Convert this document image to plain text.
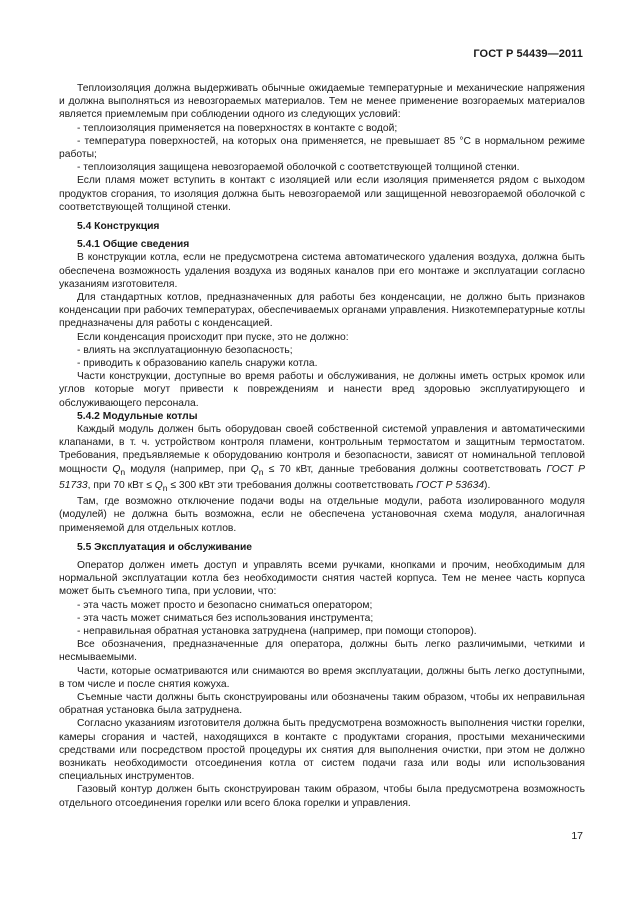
ГОСТ Р 54439—2011

Теплоизоляция должна выдерживать обычные ожидаемые температурные и механические напряжения и должна выполняться из невозгораемых материалов. Тем не менее применение возгораемых материалов является приемлемым при соблюдении одного из следующих условий:

- теплоизоляция применяется на поверхностях в контакте с водой;

- температура поверхностей, на которых она применяется, не превышает 85 °С в нормальном режиме работы;

- теплоизоляция защищена невозгораемой оболочкой с соответствующей толщиной стенки.

Если пламя может вступить в контакт с изоляцией или если изоляция применяется рядом с выходом продуктов сгорания, то изоляция должна быть невозгораемой или защищенной невозгораемой оболочкой с соответствующей толщиной стенки.

5.4 Конструкция

5.4.1 Общие сведения

В конструкции котла, если не предусмотрена система автоматического удаления воздуха, должна быть обеспечена возможность удаления воздуха из водяных каналов при его монтаже и эксплуатации согласно указаниям изготовителя.

Для стандартных котлов, предназначенных для работы без конденсации, не должно быть признаков конденсации при рабочих температурах, обеспечиваемых органами управления. Низкотемпературные котлы предназначены для работы с конденсацией.

Если конденсация происходит при пуске, это не должно:

- влиять на эксплуатационную безопасность;

- приводить к образованию капель снаружи котла.

Части конструкции, доступные во время работы и обслуживания, не должны иметь острых кромок или углов которые могут привести к повреждениям и нанести вред здоровью эксплуатирующего и обслуживающего персонала.

5.4.2 Модульные котлы

Каждый модуль должен быть оборудован своей собственной системой управления и автоматическими клапанами, в т. ч. устройством контроля пламени, контрольным термостатом и защитным термостатом. Требования, предъявляемые к оборудованию контроля и безопасности, зависят от номинальной тепловой мощности $Q_n$ модуля (например, при $Q_n \le 70$ кВт, данные требования должны соответствовать ГОСТ Р 51733, при 70 кВт ≤ $Q_n \le 300$ кВт эти требования должны соответствовать ГОСТ Р 53634).

Там, где возможно отключение подачи воды на отдельные модули, работа изолированного модуля (модулей) не должна быть возможна, если не обеспечена установочная схема модуля, аналогичная применяемой для отдельных котлов.

5.5 Эксплуатация и обслуживание

Оператор должен иметь доступ и управлять всеми ручками, кнопками и прочим, необходимым для нормальной эксплуатации котла без необходимости снятия частей корпуса. Тем не менее часть корпуса может быть съемного типа, при условии, что:

- эта часть может просто и безопасно сниматься оператором;

- эта часть может сниматься без использования инструмента;

- неправильная обратная установка затруднена (например, при помощи стопоров).

Все обозначения, предназначенные для оператора, должны быть легко различимыми, четкими и несмываемыми.

Части, которые осматриваются или снимаются во время эксплуатации, должны быть легко доступными, в том числе и после снятия кожуха.

Съемные части должны быть сконструированы или обозначены таким образом, чтобы их неправильная обратная установка была затруднена.

Согласно указаниям изготовителя должна быть предусмотрена возможность выполнения чистки горелки, камеры сгорания и частей, находящихся в контакте с продуктами сгорания, простыми механическими средствами или посредством простой процедуры их снятия для выполнения очистки, при этом не должно возникать необходимости отсоединения котла от систем подачи газа или воды или использования специальных инструментов.

Газовый контур должен быть сконструирован таким образом, чтобы была предусмотрена возможность отдельного отсоединения горелки или всего блока горелки и управления.

17
